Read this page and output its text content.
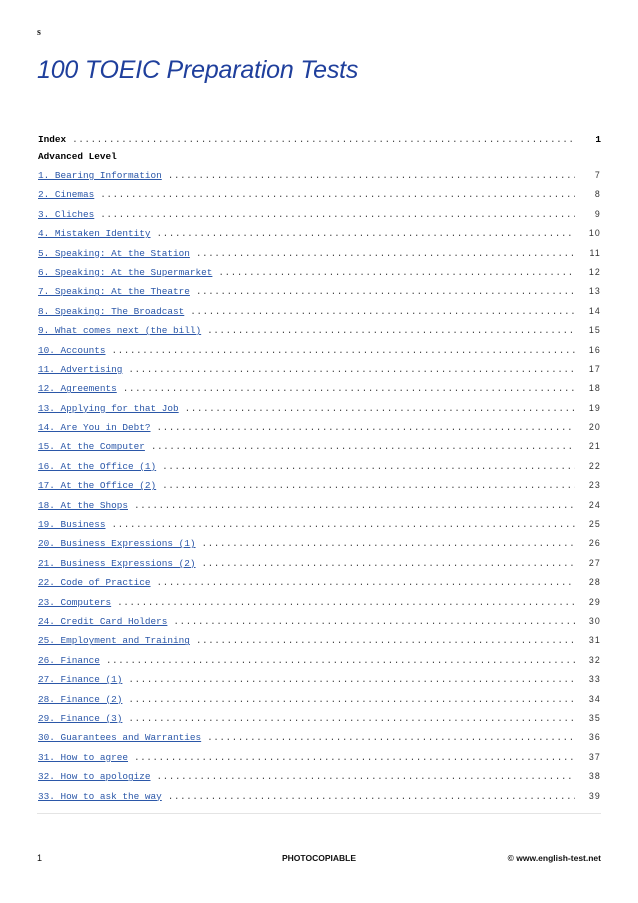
s
100 TOEIC Preparation Tests
Index .....	1
Advanced Level
1. Bearing Information .....	7
2. Cinemas .....	8
3. Cliches .....	9
4. Mistaken Identity .....	10
5. Speaking: At the Station .....	11
6. Speaking: At the Supermarket .....	12
7. Speaking: At the Theatre .....	13
8. Speaking: The Broadcast .....	14
9. What comes next (the bill) .....	15
10. Accounts .....	16
11. Advertising .....	17
12. Agreements .....	18
13. Applying for that Job .....	19
14. Are You in Debt? .....	20
15. At the Computer .....	21
16. At the Office (1) .....	22
17. At the Office (2) .....	23
18. At the Shops .....	24
19. Business .....	25
20. Business Expressions (1) .....	26
21. Business Expressions (2) .....	27
22. Code of Practice .....	28
23. Computers .....	29
24. Credit Card Holders .....	30
25. Employment and Training .....	31
26. Finance .....	32
27. Finance (1) .....	33
28. Finance (2) .....	34
29. Finance (3) .....	35
30. Guarantees and Warranties .....	36
31. How to agree .....	37
32. How to apologize .....	38
33. How to ask the way .....	39
1	PHOTOCOPIABLE	© www.english-test.net
